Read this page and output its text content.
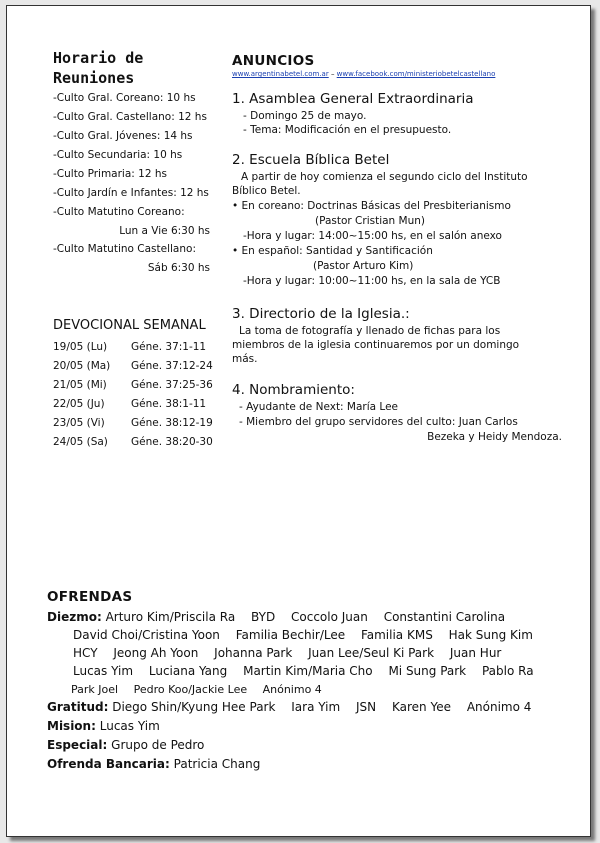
Horario de
Reuniones
-Culto Gral. Coreano: 10 hs
-Culto Gral. Castellano: 12 hs
-Culto Gral. Jóvenes: 14 hs
-Culto Secundaria: 10 hs
-Culto Primaria: 12 hs
-Culto Jardín e Infantes: 12 hs
-Culto Matutino Coreano:
Lun a Vie 6:30 hs
-Culto Matutino Castellano:
Sáb 6:30 hs
DEVOCIONAL SEMANAL
19/05 (Lu) Géne. 37:1-11
20/05 (Ma) Géne. 37:12-24
21/05 (Mi) Géne. 37:25-36
22/05 (Ju)	Géne. 38:1-11
23/05 (Vi)	Géne. 38:12-19
24/05 (Sa) Géne. 38:20-30
ANUNCIOS
www.argentinabetel.com.ar – www.facebook.com/ministeriobetelcastellano
1. Asamblea General Extraordinaria
- Domingo 25 de mayo.
- Tema: Modificación en el presupuesto.
2. Escuela Bíblica Betel
A partir de hoy comienza el segundo ciclo del Instituto
Bíblico Betel.
• En coreano: Doctrinas Básicas del Presbiterianismo
(Pastor Cristian Mun)
-Hora y lugar: 14:00~15:00 hs, en el salón anexo
• En español: Santidad y Santificación
(Pastor Arturo Kim)
-Hora y lugar: 10:00~11:00 hs, en la sala de YCB
3. Directorio de la Iglesia.:
La toma de fotografía y llenado de fichas para los
miembros de la iglesia continuaremos por un domingo
más.
4. Nombramiento:
- Ayudante de Next: María Lee
- Miembro del grupo servidores del culto: Juan Carlos
Bezeka y Heidy Mendoza.
OFRENDAS
Diezmo: Arturo Kim/Priscila Ra BYD Coccolo Juan Constantini Carolina
David Choi/Cristina Yoon Familia Bechir/Lee Familia KMS Hak Sung Kim
HCY Jeong Ah Yoon Johanna Park Juan Lee/Seul Ki Park Juan Hur
Lucas Yim Luciana Yang Martin Kim/Maria Cho Mi Sung Park Pablo Ra
Park Joel Pedro Koo/Jackie Lee Anónimo 4
Gratitud: Diego Shin/Kyung Hee Park Iara Yim JSN Karen Yee Anónimo 4
Mision: Lucas Yim
Especial: Grupo de Pedro
Ofrenda Bancaria: Patricia Chang
